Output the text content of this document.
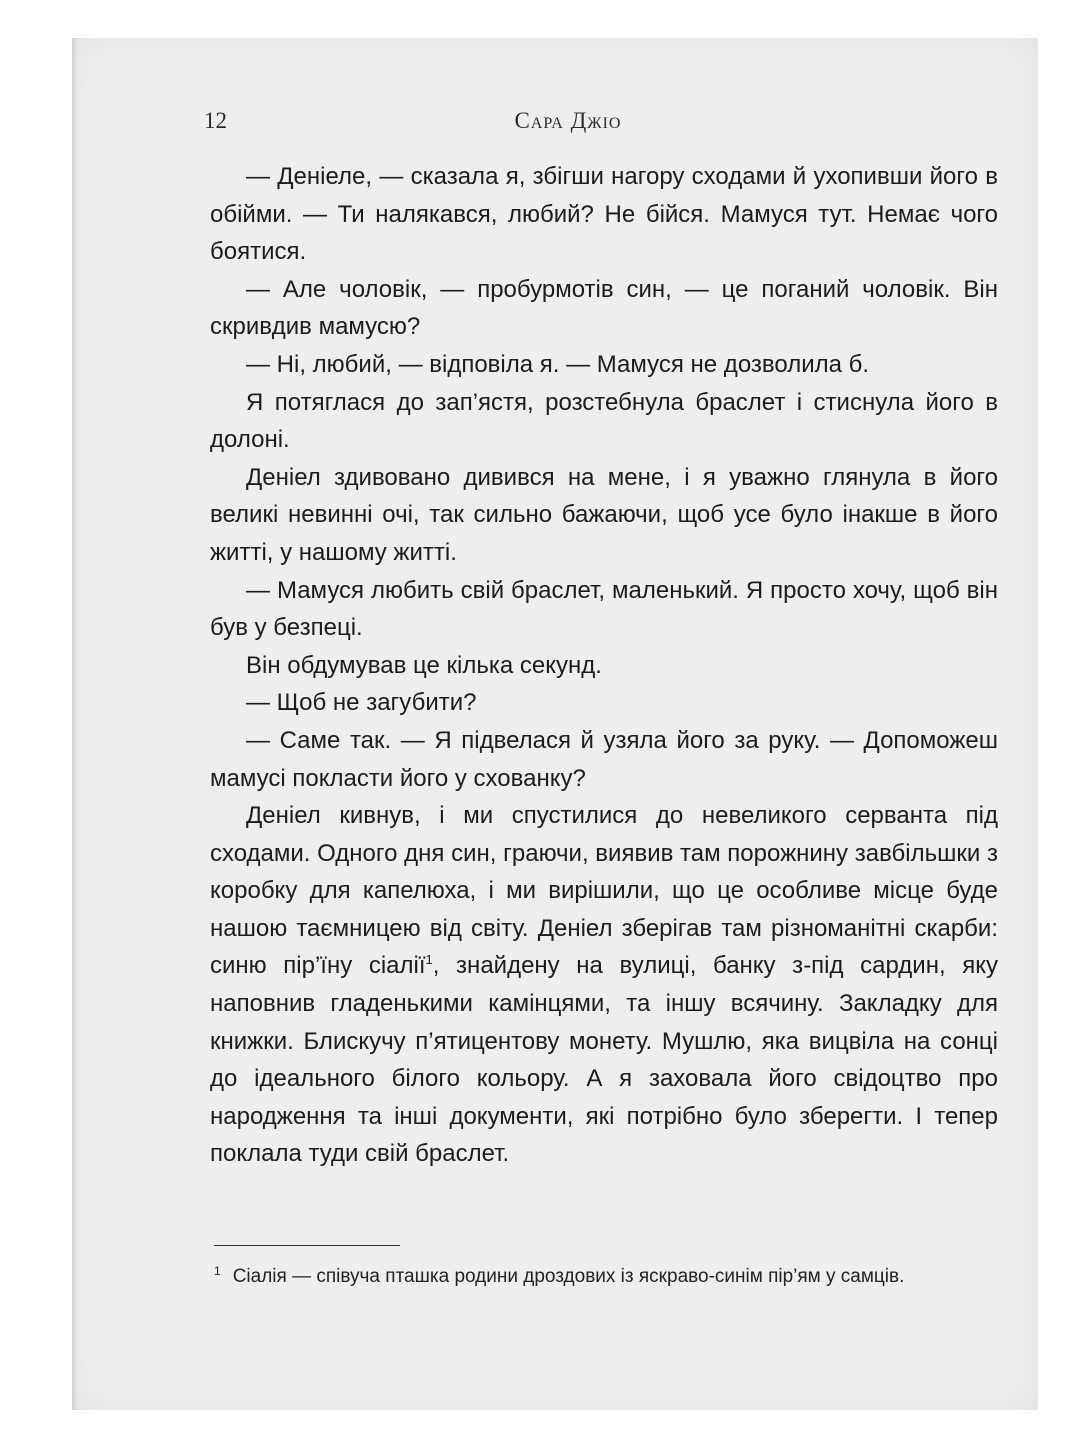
12	Сара Джіо

— Деніеле, — сказала я, збігши нагору сходами й ухопивши його в обійми. — Ти налякався, любий? Не бійся. Мамуся тут. Немає чого боятися.

— Але чоловік, — пробурмотів син, — це поганий чоловік. Він скривдив мамусю?

— Ні, любий, — відповіла я. — Мамуся не дозволила б.

Я потяглася до зап’ястя, розстебнула браслет і стиснула його в долоні.

Деніел здивовано дивився на мене, і я уважно глянула в його великі невинні очі, так сильно бажаючи, щоб усе було інакше в його житті, у нашому житті.

— Мамуся любить свій браслет, маленький. Я просто хочу, щоб він був у безпеці.

Він обдумував це кілька секунд.

— Щоб не загубити?

— Саме так. — Я підвелася й узяла його за руку. — Допоможеш мамусі покласти його у схованку?

Деніел кивнув, і ми спустилися до невеликого серванта під сходами. Одного дня син, граючи, виявив там порожнину завбільшки з коробку для капелюха, і ми вирішили, що це особливе місце буде нашою таємницею від світу. Деніел зберігав там різноманітні скарби: синю пір’їну сіалії$^1$, знайдену на вулиці, банку з-під сардин, яку наповнив гладенькими камінцями, та іншу всячину. Закладку для книжки. Блискучу п’ятицентову монету. Мушлю, яка вицвіла на сонці до ідеального білого кольору. А я заховала його свідоцтво про народження та інші документи, які потрібно було зберегти. І тепер поклала туди свій браслет.

$^1$ Сіалія — співуча пташка родини дроздових із яскраво-синім пір’ям у самців.
